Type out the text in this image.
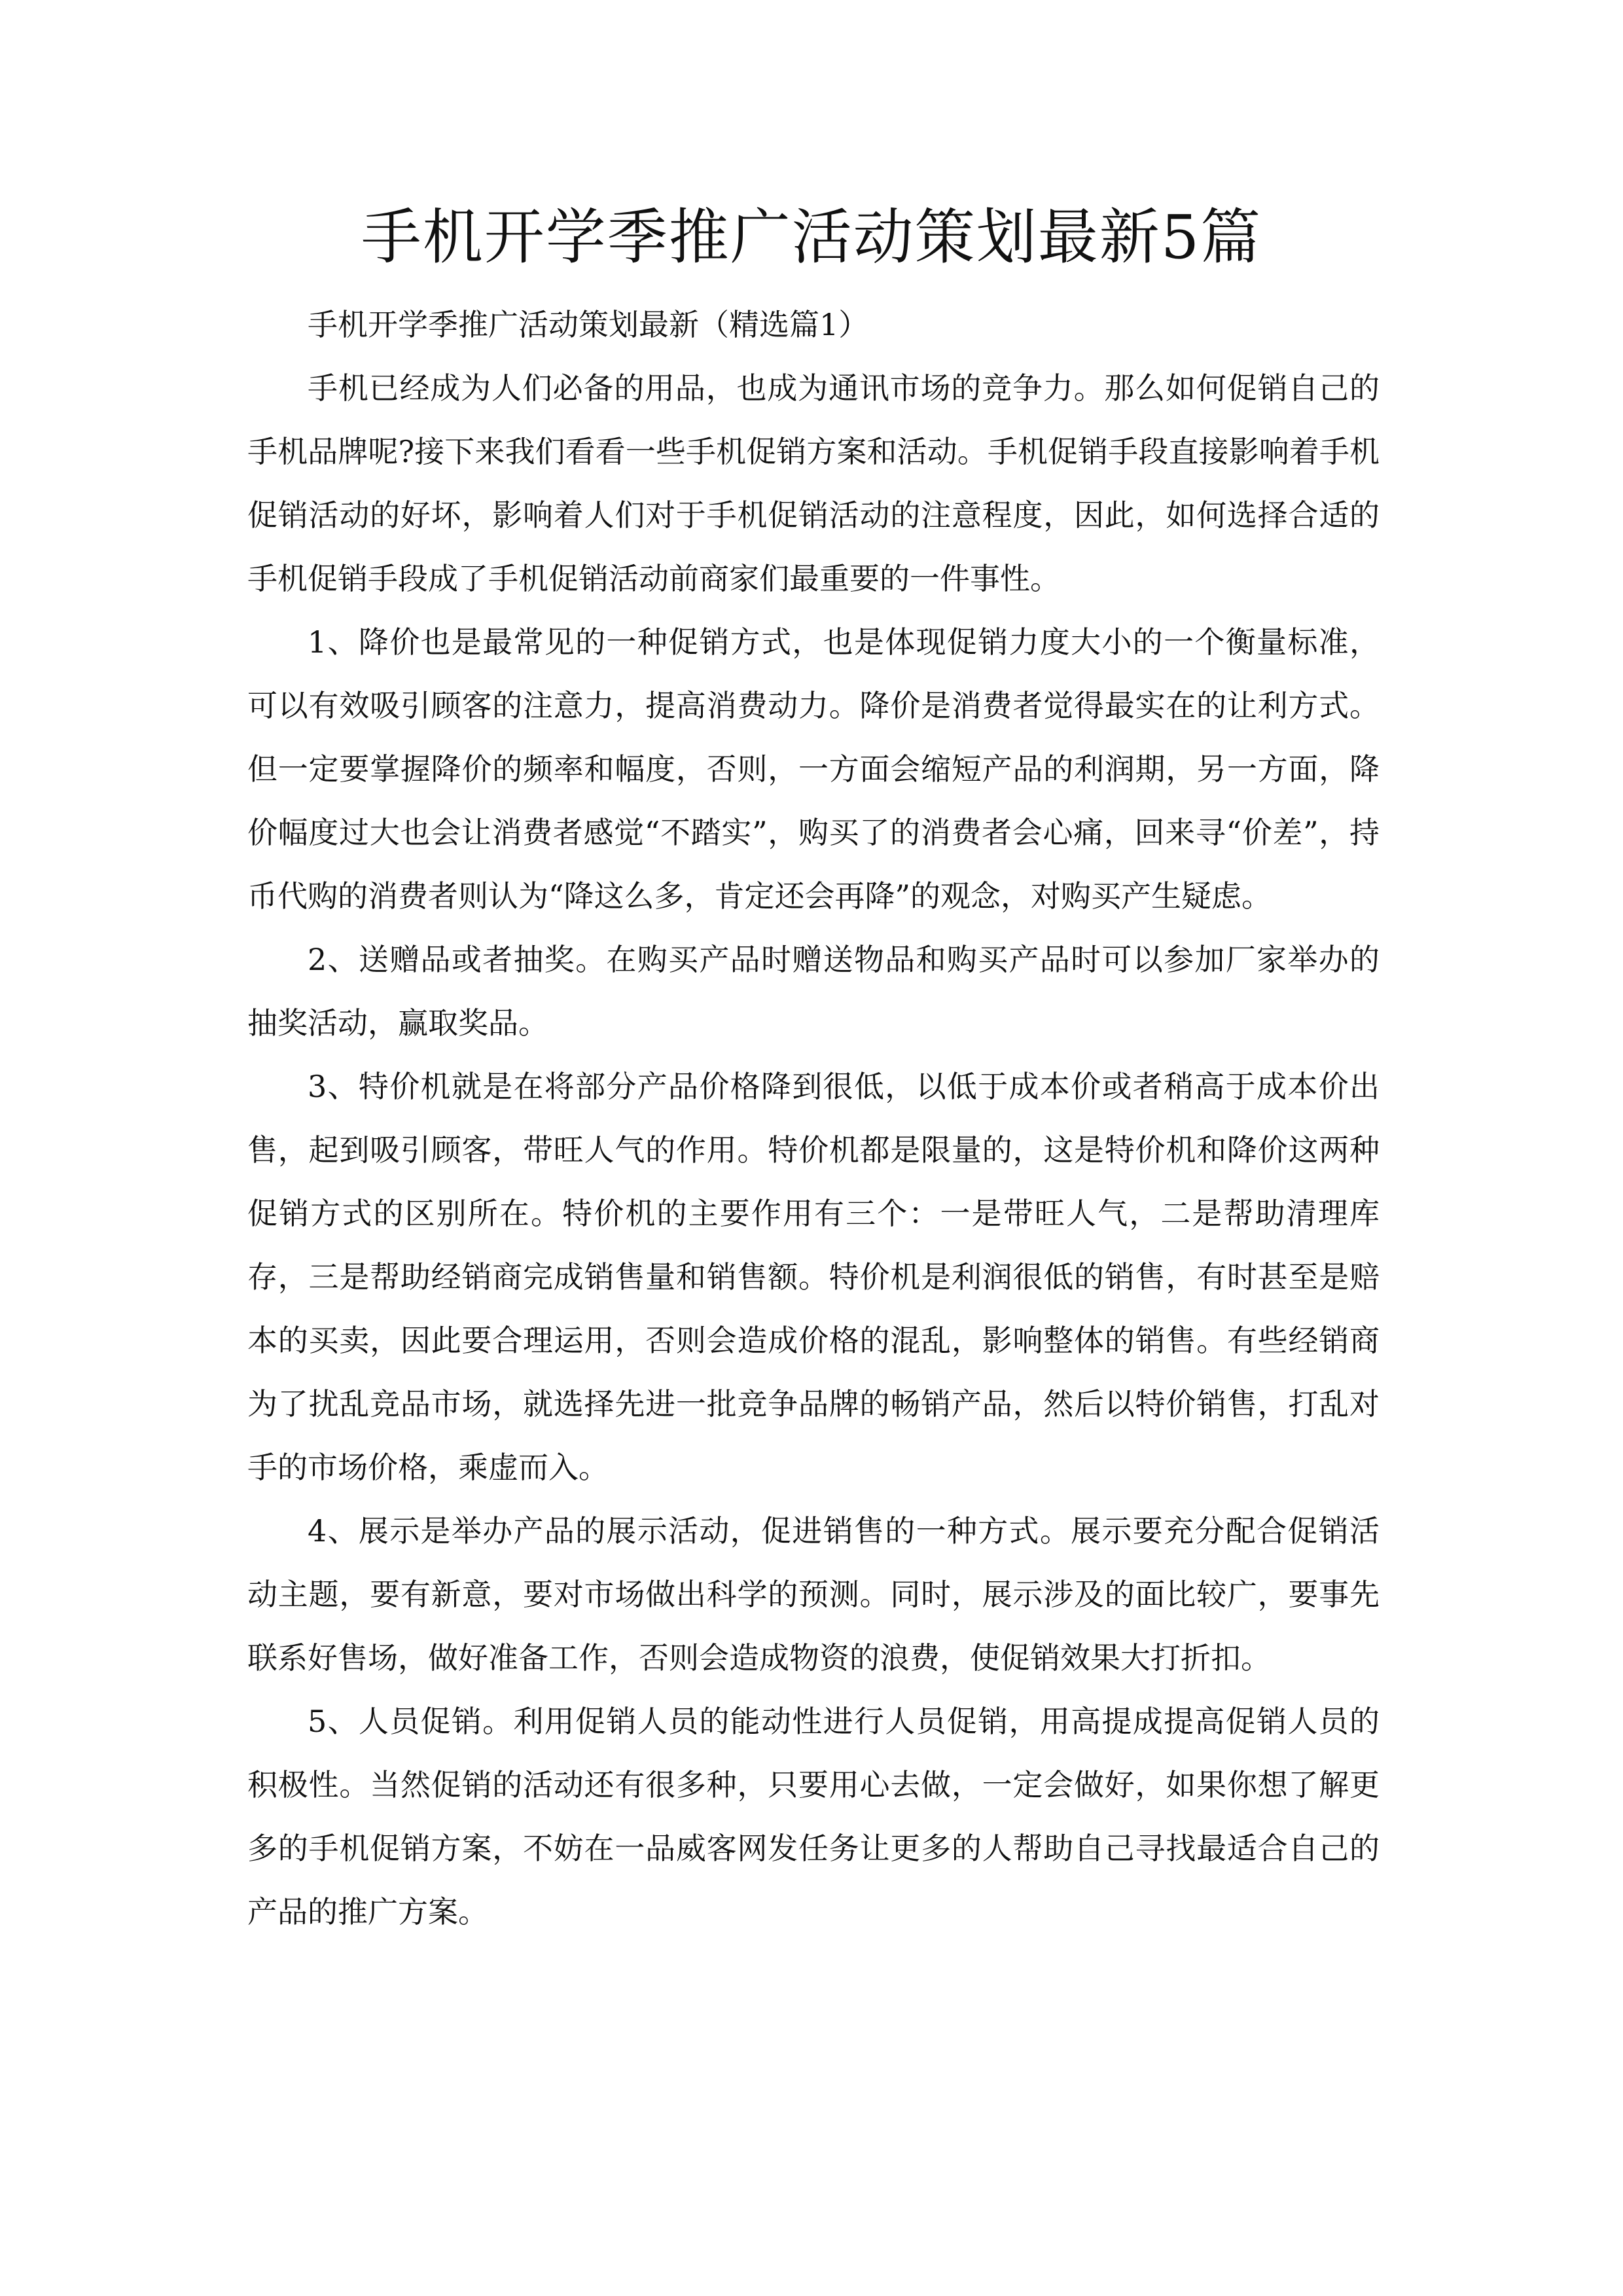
手机开学季推广活动策划最新5篇

手机开学季推广活动策划最新（精选篇1）

手机已经成为人们必备的用品，也成为通讯市场的竞争力。那么如何促销自己的手机品牌呢?接下来我们看看一些手机促销方案和活动。手机促销手段直接影响着手机促销活动的好坏，影响着人们对于手机促销活动的注意程度，因此，如何选择合适的手机促销手段成了手机促销活动前商家们最重要的一件事性。

1、降价也是最常见的一种促销方式，也是体现促销力度大小的一个衡量标准，可以有效吸引顾客的注意力，提高消费动力。降价是消费者觉得最实在的让利方式。但一定要掌握降价的频率和幅度，否则，一方面会缩短产品的利润期，另一方面，降价幅度过大也会让消费者感觉“不踏实”，购买了的消费者会心痛，回来寻“价差”，持币代购的消费者则认为“降这么多，肯定还会再降”的观念，对购买产生疑虑。

2、送赠品或者抽奖。在购买产品时赠送物品和购买产品时可以参加厂家举办的抽奖活动，赢取奖品。

3、特价机就是在将部分产品价格降到很低，以低于成本价或者稍高于成本价出售，起到吸引顾客，带旺人气的作用。特价机都是限量的，这是特价机和降价这两种促销方式的区别所在。特价机的主要作用有三个：一是带旺人气，二是帮助清理库存，三是帮助经销商完成销售量和销售额。特价机是利润很低的销售，有时甚至是赔本的买卖，因此要合理运用，否则会造成价格的混乱，影响整体的销售。有些经销商为了扰乱竞品市场，就选择先进一批竞争品牌的畅销产品，然后以特价销售，打乱对手的市场价格，乘虚而入。

4、展示是举办产品的展示活动，促进销售的一种方式。展示要充分配合促销活动主题，要有新意，要对市场做出科学的预测。同时，展示涉及的面比较广，要事先联系好售场，做好准备工作，否则会造成物资的浪费，使促销效果大打折扣。

5、人员促销。利用促销人员的能动性进行人员促销，用高提成提高促销人员的积极性。当然促销的活动还有很多种，只要用心去做，一定会做好，如果你想了解更多的手机促销方案，不妨在一品威客网发任务让更多的人帮助自己寻找最适合自己的产品的推广方案。
